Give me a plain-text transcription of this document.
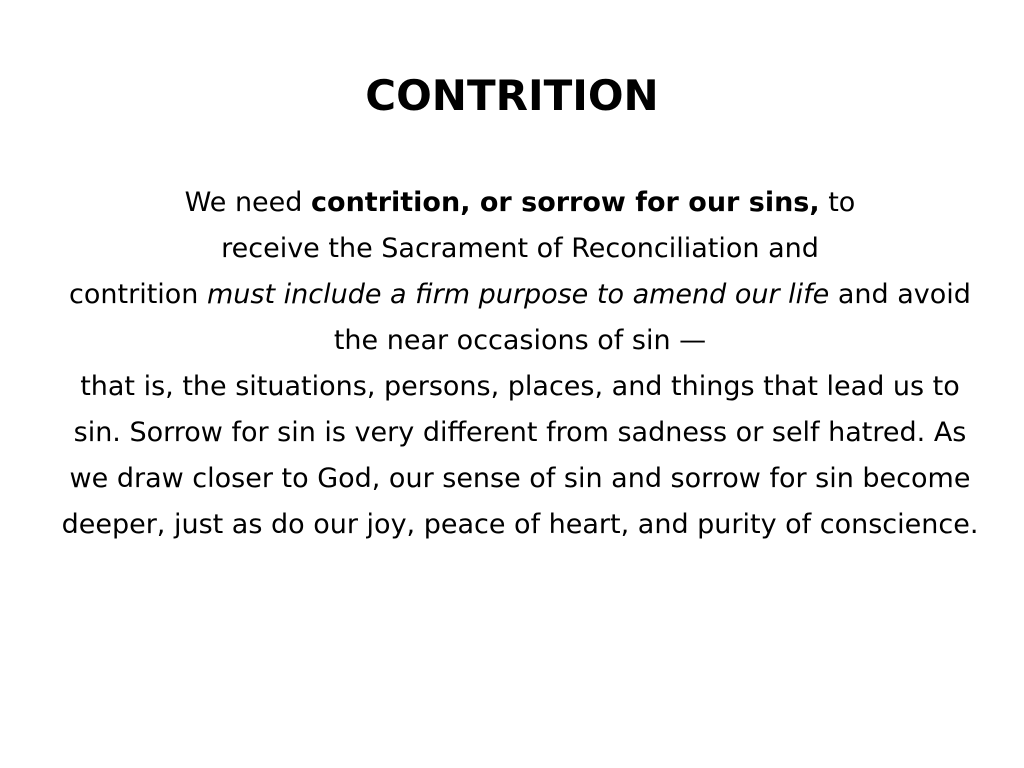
CONTRITION

We need contrition, or sorrow for our sins, to

receive the Sacrament of Reconciliation and
contrition must include a firm purpose to amend our life and avoid the near occasions of sin —

that is, the situations, persons, places, and things that lead us to sin. Sorrow for sin is very different from sadness or self hatred. As we draw closer to God, our sense of sin and sorrow for sin become deeper, just as do our joy, peace of heart, and purity of conscience.
